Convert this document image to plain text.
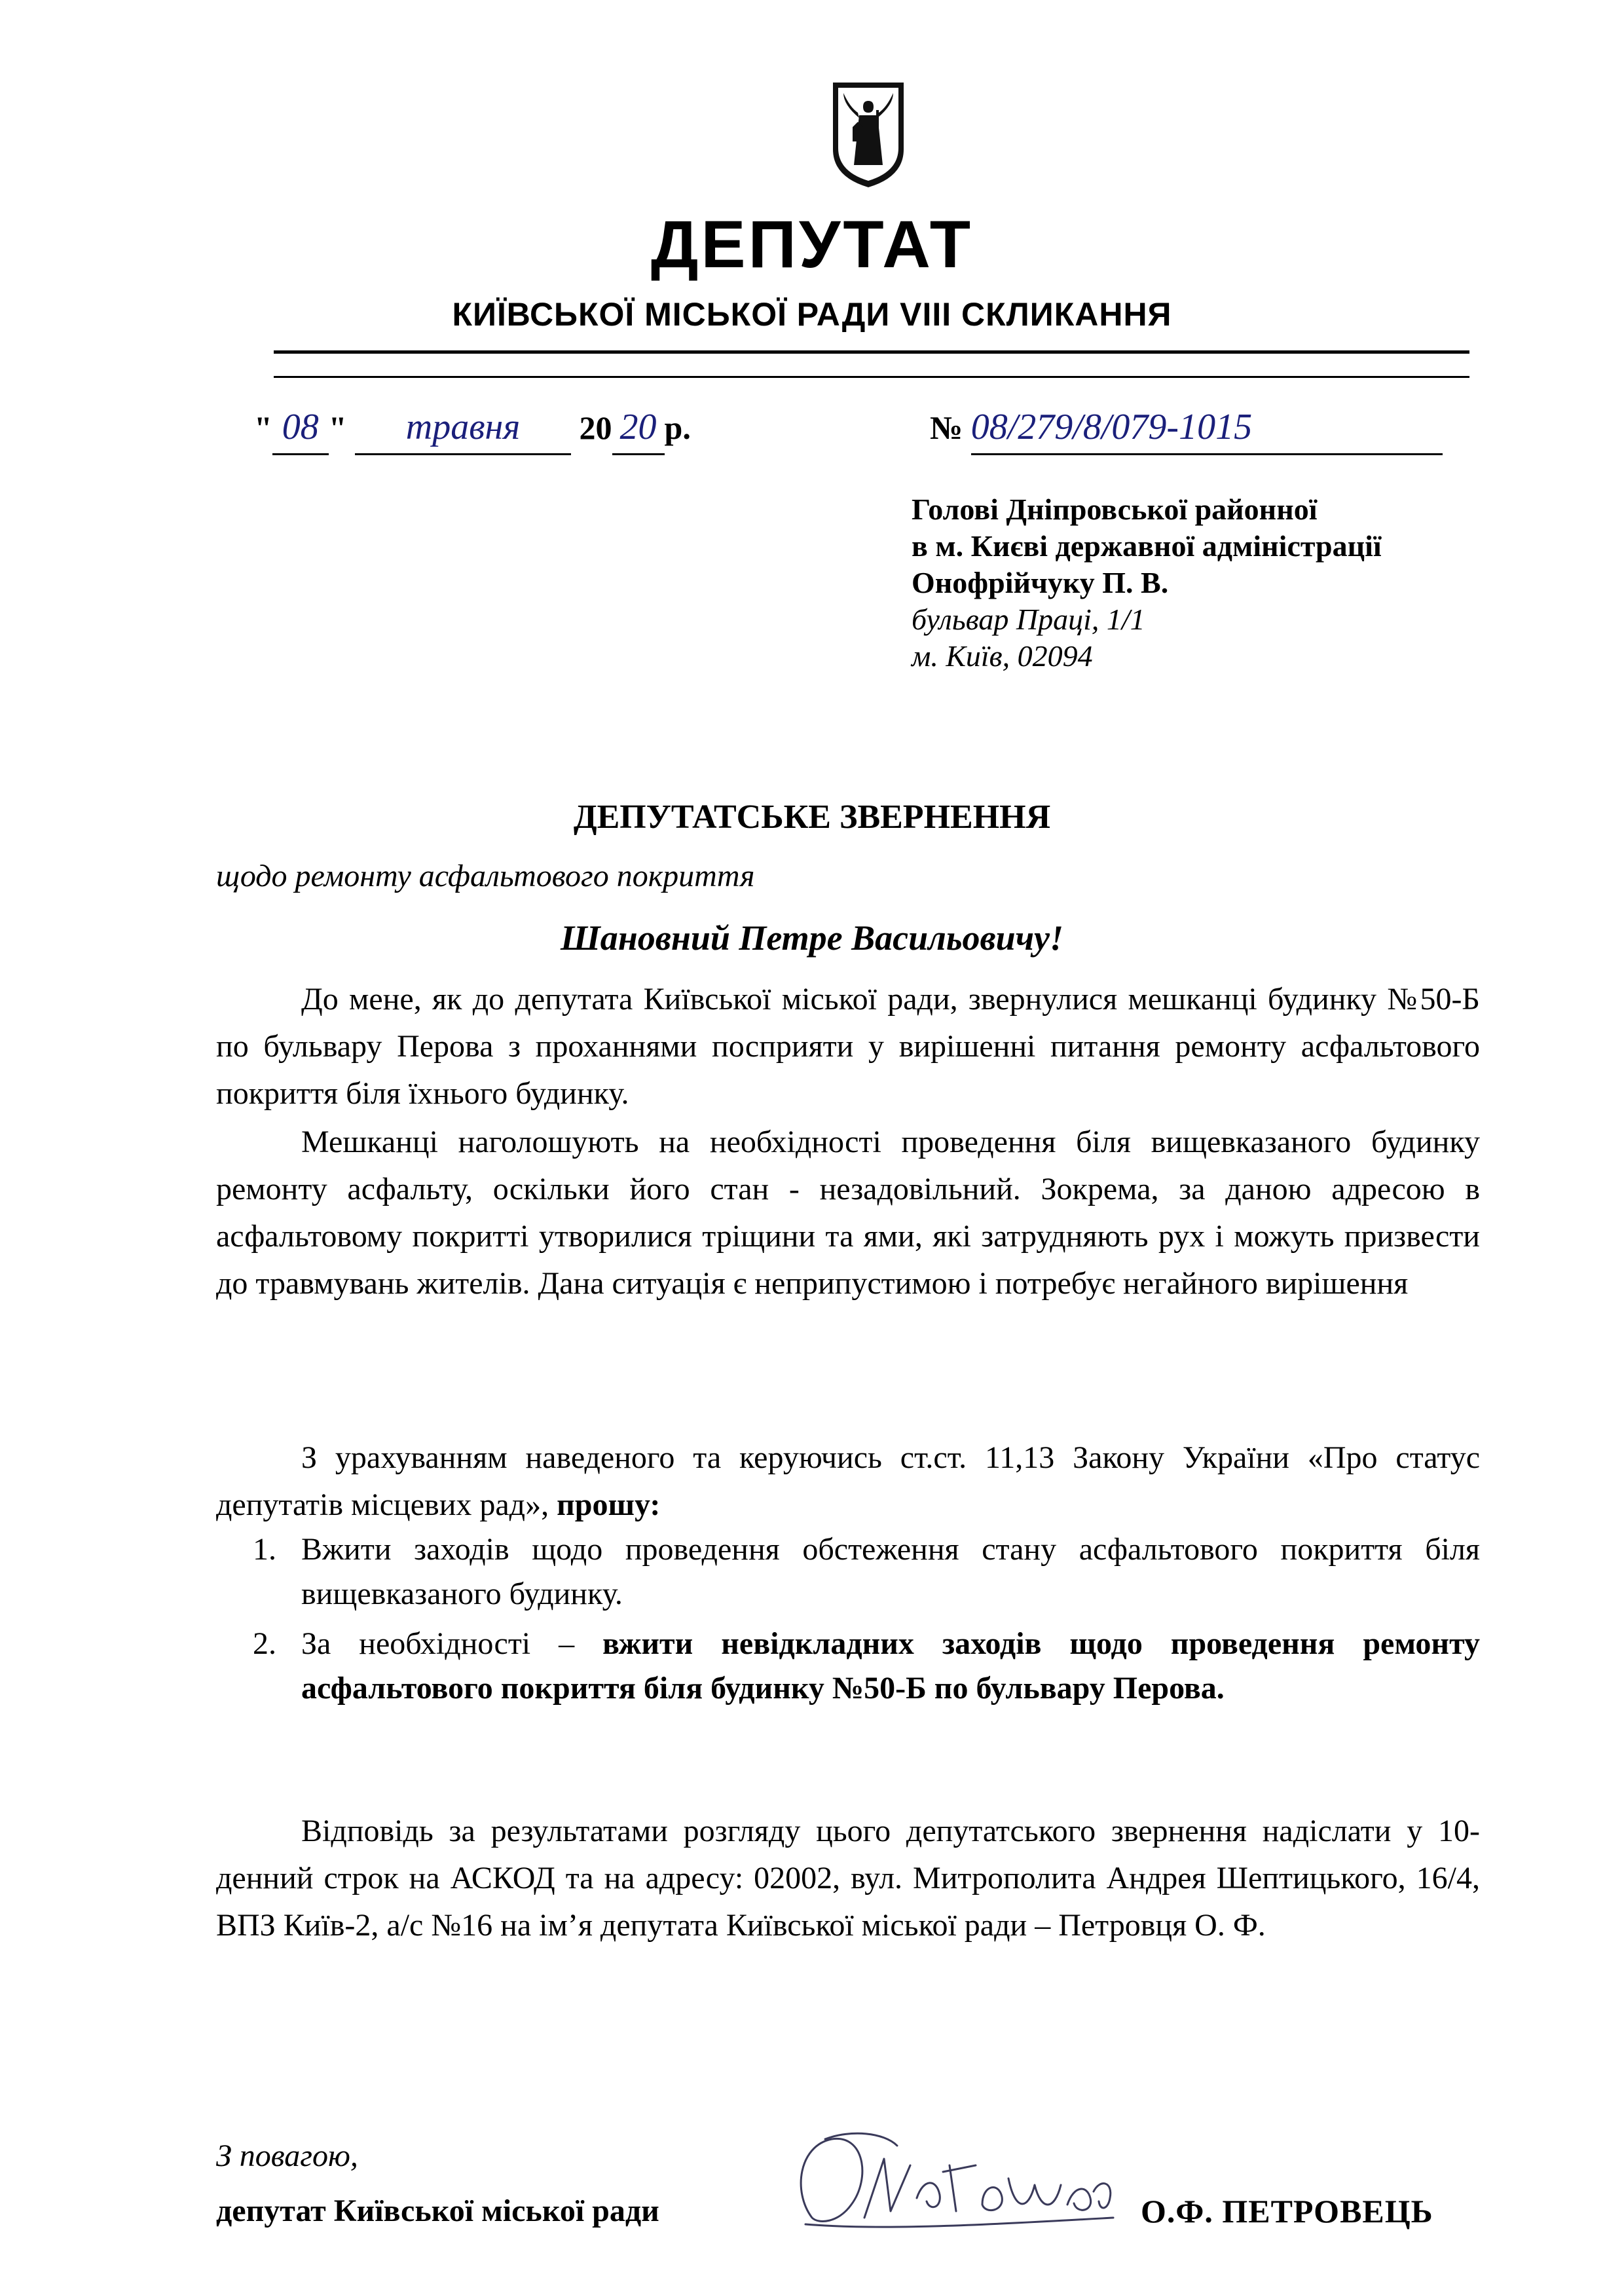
ДЕПУТАТ
КИЇВСЬКОЇ МІСЬКОЇ РАДИ VIII СКЛИКАННЯ
" 08 " травня 20 20 р.	№ 08/279/8/079-1015
Голові Дніпровської районної
в м. Києві державної адміністрації
Онофрійчуку П. В.
бульвар Праці, 1/1
м. Київ, 02094
ДЕПУТАТСЬКЕ ЗВЕРНЕННЯ
щодо ремонту асфальтового покриття
Шановний Петре Васильовичу!
До мене, як до депутата Київської міської ради, звернулися мешканці будинку №50-Б по бульвару Перова з проханнями посприяти у вирішенні питання ремонту асфальтового покриття біля їхнього будинку.
Мешканці наголошують на необхідності проведення біля вищевказаного будинку ремонту асфальту, оскільки його стан - незадовільний. Зокрема, за даною адресою в асфальтовому покритті утворилися тріщини та ями, які затрудняють рух і можуть призвести до травмувань жителів. Дана ситуація є неприпустимою і потребує негайного вирішення
З урахуванням наведеного та керуючись ст.ст. 11,13 Закону України «Про статус депутатів місцевих рад», прошу:
1. Вжити заходів щодо проведення обстеження стану асфальтового покриття біля вищевказаного будинку.
2. За необхідності – вжити невідкладних заходів щодо проведення ремонту асфальтового покриття біля будинку №50-Б по бульвару Перова.
Відповідь за результатами розгляду цього депутатського звернення надіслати у 10-денний строк на АСКОД та на адресу: 02002, вул. Митрополита Андрея Шептицького, 16/4, ВПЗ Київ-2, а/с №16 на ім’я депутата Київської міської ради – Петровця О. Ф.
З повагою,
депутат Київської міської ради	О.Ф. ПЕТРОВЕЦЬ
